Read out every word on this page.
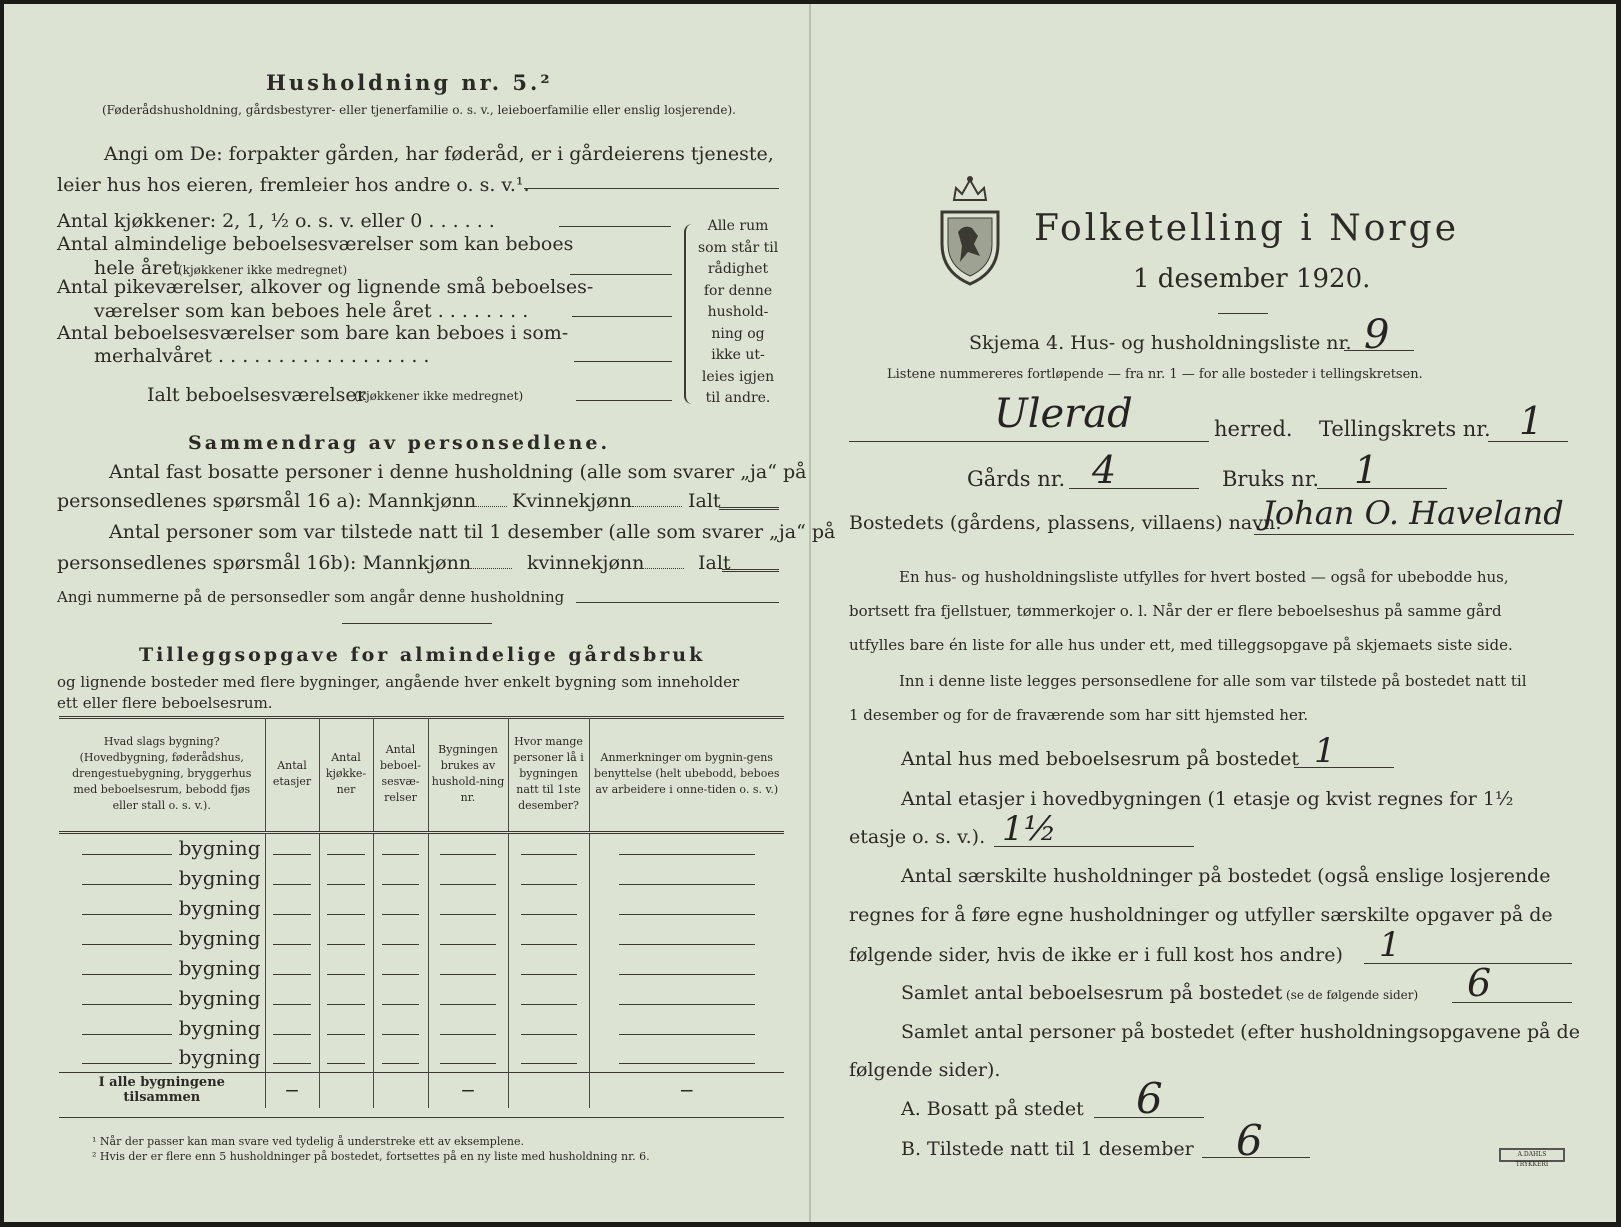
Husholdning nr. 5.²
(Føderådshusholdning, gårdsbestyrer- eller tjenerfamilie o. s. v., leieboerfamilie eller enslig losjerende).
Angi om De: forpakter gården, har føderåd, er i gårdeierens tjeneste,
leier hus hos eieren, fremleier hos andre o. s. v.¹.
Antal kjøkkener: 2, 1, ½ o. s. v. eller 0 . . . . . .
Antal almindelige beboelsesværelser som kan beboes
hele året
(kjøkkener ikke medregnet)
Antal pikeværelser, alkover og lignende små beboelses-
værelser som kan beboes hele året . . . . . . . .
Antal beboelsesværelser som bare kan beboes i som-
merhalvåret . . . . . . . . . . . . . . . . . .
Ialt beboelsesværelser
(kjøkkener ikke medregnet)
Alle rum
som står til
rådighet
for denne
hushold-
ning og
ikke ut-
leies igjen
til andre.
Sammendrag av personsedlene.
Antal fast bosatte personer i denne husholdning (alle som svarer „ja“ på
personsedlenes spørsmål 16 a): Mannkjønn Kvinnekjønn	Ialt
Antal personer som var tilstede natt til 1 desember (alle som svarer „ja“ på
personsedlenes spørsmål 16b): Mannkjønn	kvinnekjønn	Ialt
Angi nummerne på de personsedler som angår denne husholdning
Tilleggsopgave for almindelige gårdsbruk
og lignende bosteder med flere bygninger, angående hver enkelt bygning som inneholder
ett eller flere beboelsesrum.
Hvad slags bygning? (Hovedbygning, føderådshus, drengestuebygning, bryggerhus med beboelsesrum, bebodd fjøs eller stall o. s. v.).	Antal etasjer	Antal kjøkke-ner	Antal beboel-sesvæ-relser	Bygningen brukes av hushold-ning nr.	Hvor mange personer lå i bygningen natt til 1ste desember?	Anmerkninger om bygnin-gens benyttelse (helt ubebodd, beboes av arbeidere i onne-tiden o. s. v.)
bygning						
bygning						
bygning						
bygning						
bygning						
bygning						
bygning						
bygning						
I alle bygningene tilsammen	—			—		—
¹ Når der passer kan man svare ved tydelig å understreke ett av eksemplene.
² Hvis der er flere enn 5 husholdninger på bostedet, fortsettes på en ny liste med husholdning nr. 6.
Folketelling i Norge
1 desember 1920.
Skjema 4. Hus- og husholdningsliste nr. 9
Listene nummereres fortløpende — fra nr. 1 — for alle bosteder i tellingskretsen.
Ulerad	herred. Tellingskrets nr. 1
Gårds nr. 4	Bruks nr. 1
Bostedets (gårdens, plassens, villaens) navn:
Johan O. Haveland
En hus- og husholdningsliste utfylles for hvert bosted — også for ubebodde hus,
bortsett fra fjellstuer, tømmerkojer o. l. Når der er flere beboelseshus på samme gård
utfylles bare én liste for alle hus under ett, med tilleggsopgave på skjemaets siste side.
Inn i denne liste legges personsedlene for alle som var tilstede på bostedet natt til
1 desember og for de fraværende som har sitt hjemsted her.
Antal hus med beboelsesrum på bostedet 1
Antal etasjer i hovedbygningen (1 etasje og kvist regnes for 1½
etasje o. s. v.). 1½
Antal særskilte husholdninger på bostedet (også enslige losjerende
regnes for å føre egne husholdninger og utfyller særskilte opgaver på de
følgende sider, hvis de ikke er i full kost hos andre) 1
Samlet antal beboelsesrum på bostedet (se de følgende sider) 6
Samlet antal personer på bostedet (efter husholdningsopgavene på de
følgende sider).
A. Bosatt på stedet 6
B. Tilstede natt til 1 desember 6	A.DAHLS TRYKKERI
